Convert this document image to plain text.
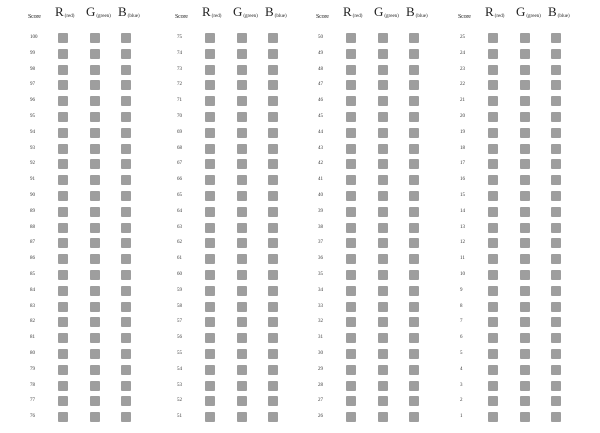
Score R(red) G(green) B(blue)
100
99
98
97
96
95
94
93
92
91
90
89
88
87
86
85
84
83
82
81
80
79
78
77
76
Score R(red) G(green) B(blue)
75
74
73
72
71
70
69
68
67
66
65
64
63
62
61
60
59
58
57
56
55
54
53
52
51
Score R(red) G(green) B(blue)
50
49
48
47
46
45
44
43
42
41
40
39
38
37
36
35
34
33
32
31
30
29
28
27
26
Score R(red) G(green) B(blue)
25
24
23
22
21
20
19
18
17
16
15
14
13
12
11
10
9
8
7
6
5
4
3
2
1
